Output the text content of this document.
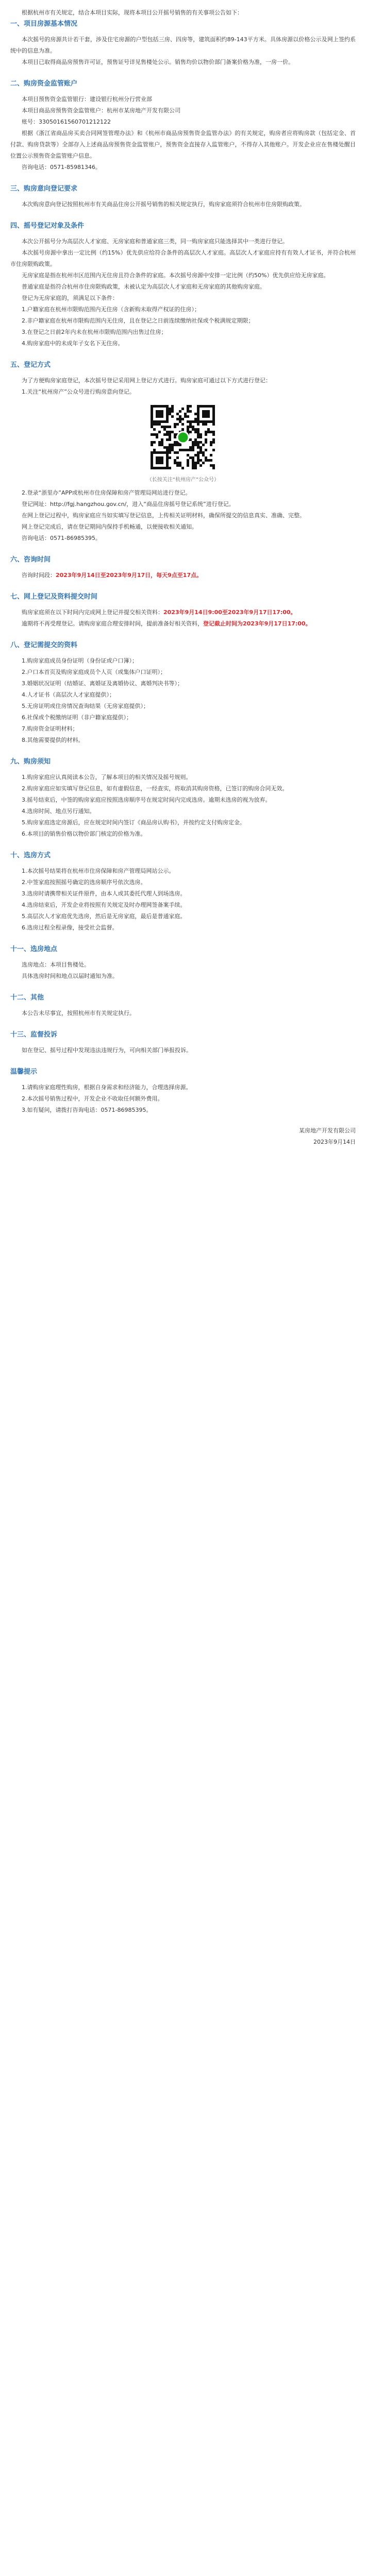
根据杭州市有关规定，结合本项目实际，现将本项目公开摇号销售的有关事项公告如下：

一、项目房源基本情况

本次摇号的房源共计若干套，涉及住宅房源的户型包括三房、四房等，建筑面积约89-143平方米。具体房源以价格公示及网上签约系统中的信息为准。

本项目已取得商品房预售许可证，预售证号详见售楼处公示。销售均价以物价部门备案价格为准，一房一价。

二、购房资金监管账户

本项目预售资金监管银行：建设银行杭州分行营业部

本项目商品房预售资金监管账户：杭州市某房地产开发有限公司

账号：33050161560701212122

根据《浙江省商品房买卖合同网签管理办法》和《杭州市商品房预售资金监管办法》的有关规定，购房者应将购房款（包括定金、首付款、购房贷款等）全部存入上述商品房预售资金监管账户，预售资金直接存入监管账户，不得存入其他账户。开发企业应在售楼处醒目位置公示预售资金监管账户信息。

咨询电话：0571-85981346。

三、购房意向登记要求

本次购房意向登记按照杭州市有关商品住房公开摇号销售的相关规定执行，购房家庭须符合杭州市住房限购政策。

四、摇号登记对象及条件

本次公开摇号分为高层次人才家庭、无房家庭和普通家庭三类，同一购房家庭只能选择其中一类进行登记。

本次摇号房源中拿出一定比例（约15%）优先供应给符合条件的高层次人才家庭。高层次人才家庭应持有有效人才证书，并符合杭州市住房限购政策。

无房家庭是指在杭州市区范围内无住房且符合条件的家庭。本次摇号房源中安排一定比例（约50%）优先供应给无房家庭。

普通家庭是指符合杭州市住房限购政策，未被认定为高层次人才家庭和无房家庭的其他购房家庭。

登记为无房家庭的，须满足以下条件：

1.户籍家庭在杭州市限购范围内无住房（含新购未取得产权证的住房）；

2.非户籍家庭在杭州市限购范围内无住房，且在登记之日前连续缴纳社保或个税满规定期限；

3.在登记之日前2年内未在杭州市限购范围内出售过住房；

4.购房家庭中的未成年子女名下无住房。

五、登记方式

为了方便购房家庭登记，本次摇号登记采用网上登记方式进行。购房家庭可通过以下方式进行登记：

1.关注“杭州房产”公众号进行购房意向登记。

（长按关注“杭州房产”公众号）

2.登录“浙里办”APP或杭州市住房保障和房产管理局网站进行登记。

登记网址：http://fgj.hangzhou.gov.cn/，进入“商品住房摇号登记系统”进行登记。

在网上登记过程中，购房家庭应当如实填写登记信息，上传相关证明材料，确保所提交的信息真实、准确、完整。

网上登记完成后，请在登记期间内保持手机畅通，以便接收相关通知。

咨询电话：0571-86985395。

六、咨询时间

咨询时间段：2023年9月14日至2023年9月17日，每天9点至17点。

七、网上登记及资料提交时间

购房家庭须在以下时间内完成网上登记并提交相关资料：2023年9月14日9:00至2023年9月17日17:00。

逾期将不再受理登记。请购房家庭合理安排时间，提前准备好相关资料，登记截止时间为2023年9月17日17:00。

八、登记需提交的资料

1.购房家庭成员身份证明（身份证或户口簿）；

2.户口本首页及购房家庭成员个人页（或集体户口证明）；

3.婚姻状况证明（结婚证、离婚证及离婚协议、离婚判决书等）；

4.人才证书（高层次人才家庭提供）；

5.无房证明或住房情况查询结果（无房家庭提供）；

6.社保或个税缴纳证明（非户籍家庭提供）；

7.购房资金证明材料；

8.其他需要提供的材料。

九、购房须知

1.购房家庭应认真阅读本公告，了解本项目的相关情况及摇号规则。

2.购房家庭应如实填写登记信息，如有虚假信息，一经查实，将取消其购房资格，已签订的购房合同无效。

3.摇号结束后，中签的购房家庭应按照选房顺序号在规定时间内完成选房。逾期未选房的视为放弃。

4.选房时间、地点另行通知。

5.购房家庭选定房源后，应在规定时间内签订《商品房认购书》，并按约定支付购房定金。

6.本项目的销售价格以物价部门核定的价格为准。

十、选房方式

1.本次摇号结果将在杭州市住房保障和房产管理局网站公示。

2.中签家庭按照摇号确定的选房顺序号依次选房。

3.选房时请携带相关证件原件，由本人或其委托代理人到场选房。

4.选房结束后，开发企业将按照有关规定及时办理网签备案手续。

5.高层次人才家庭优先选房，然后是无房家庭，最后是普通家庭。

6.选房过程全程录像，接受社会监督。

十一、选房地点

选房地点：本项目售楼处。

具体选房时间和地点以届时通知为准。

十二、其他

本公告未尽事宜，按照杭州市有关规定执行。

十三、监督投诉

如在登记、摇号过程中发现违法违规行为，可向相关部门举报投诉。

温馨提示

1.请购房家庭理性购房，根据自身需求和经济能力，合理选择房源。

2.本次摇号销售过程中，开发企业不收取任何额外费用。

3.如有疑问，请拨打咨询电话：0571-86985395。

某房地产开发有限公司

2023年9月14日
